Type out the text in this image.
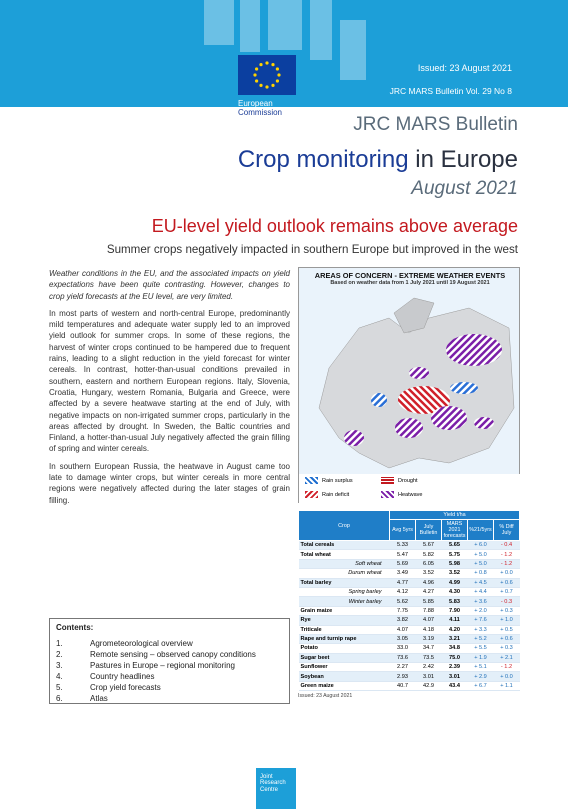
European
Issued: 23 August 2021
JRC MARS Bulletin Vol. 29 No 8
Commission
JRC MARS Bulletin
Crop monitoring in Europe
August 2021
EU-level yield outlook remains above average
Summer crops negatively impacted in southern Europe but improved in the west

Weather conditions in the EU, and the associated impacts on yield expectations have been quite contrasting. However, changes to crop yield forecasts at the EU level, are very limited.

In most parts of western and north-central Europe, predominantly mild temperatures and adequate water supply led to an improved yield outlook for summer crops. In some of these regions, the harvest of winter crops continued to be hampered due to frequent rains, leading to a slight reduction in the yield forecast for winter cereals. In contrast, hotter-than-usual conditions prevailed in southern, eastern and northern European regions. Italy, Slovenia, Croatia, Hungary, western Romania, Bulgaria and Greece, were affected by a severe heatwave starting at the end of July, with negative impacts on non-irrigated summer crops, particularly in the areas affected by drought. In Sweden, the Baltic countries and Finland, a hotter-than-usual July negatively affected the grain filling of spring and winter cereals.

In southern European Russia, the heatwave in August came too late to damage winter crops, but winter cereals in more central regions were negatively affected during the later stages of grain filling.

Contents:
1.	Agrometeorological overview
2.	Remote sensing – observed canopy conditions
3.	Pastures in Europe – regional monitoring
4.	Country headlines
5.	Crop yield forecasts
6.	Atlas
AREAS OF CONCERN - EXTREME WEATHER EVENTS
Based on weather data from 1 July 2021 until 19 August 2021
Rain surplus	Drought
Rain deficit	Heatwave
Crop	Yield t/ha				
	Avg 5yrs	July Bulletin	MARS 2021 forecasts	%21/5yrs	% Diff July
Total cereals	5.33	5.67	5.65	+ 6.0	- 0.4
Total wheat	5.47	5.82	5.75	+ 5.0	- 1.2
Soft wheat	5.69	6.05	5.98	+ 5.0	- 1.2
Durum wheat	3.49	3.52	3.52	+ 0.8	+ 0.0
Total barley	4.77	4.96	4.99	+ 4.5	+ 0.6
Spring barley	4.12	4.27	4.30	+ 4.4	+ 0.7
Winter barley	5.62	5.85	5.83	+ 3.6	- 0.3
Grain maize	7.75	7.88	7.90	+ 2.0	+ 0.3
Rye	3.82	4.07	4.11	+ 7.6	+ 1.0
Triticale	4.07	4.18	4.20	+ 3.3	+ 0.5
Rape and turnip rape	3.05	3.19	3.21	+ 5.2	+ 0.6
Potato	33.0	34.7	34.8	+ 5.5	+ 0.3
Sugar beet	73.6	73.5	75.0	+ 1.9	+ 2.1
Sunflower	2.27	2.42	2.39	+ 5.1	- 1.2
Soybean	2.93	3.01	3.01	+ 2.9	+ 0.0
Green maize	40.7	42.9	43.4	+ 6.7	+ 1.1
Issued: 23 August 2021
Joint
Research
Centre
